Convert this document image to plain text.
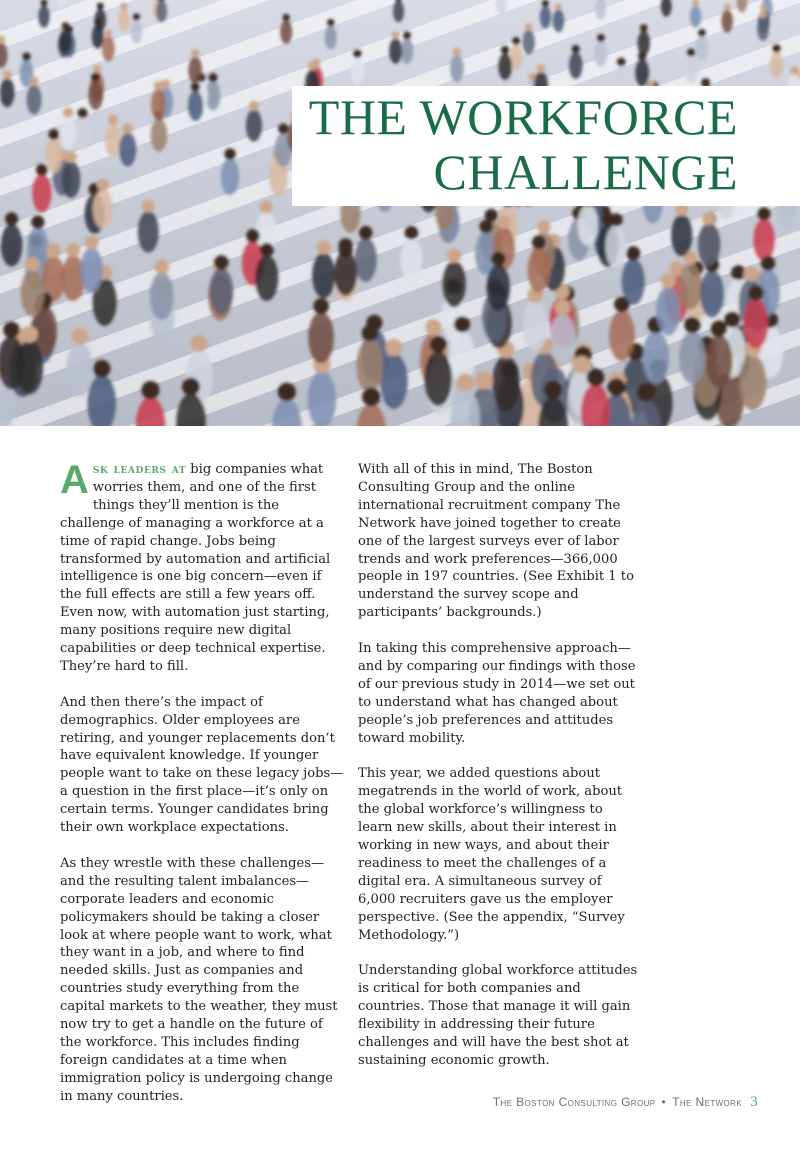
THE WORKFORCE
CHALLENGE

Ask leaders at big companies what worries them, and one of the first things they’ll mention is the challenge of managing a workforce at a time of rapid change. Jobs being transformed by automation and artificial intelligence is one big concern—even if the full effects are still a few years off. Even now, with automation just starting, many positions require new digital capabilities or deep technical expertise. They’re hard to fill.

And then there’s the impact of demographics. Older employees are retiring, and younger replacements don’t have equivalent knowledge. If younger people want to take on these legacy jobs—a question in the first place—it’s only on certain terms. Younger candidates bring their own workplace expectations.

As they wrestle with these challenges—and the resulting talent imbalances—corporate leaders and economic policymakers should be taking a closer look at where people want to work, what they want in a job, and where to find needed skills. Just as companies and countries study everything from the capital markets to the weather, they must now try to get a handle on the future of the workforce. This includes finding foreign candidates at a time when immigration policy is undergoing change in many countries.

With all of this in mind, The Boston Consulting Group and the online international recruitment company The Network have joined together to create one of the largest surveys ever of labor trends and work preferences—366,000 people in 197 countries. (See Exhibit 1 to understand the survey scope and participants’ backgrounds.)

In taking this comprehensive approach—and by comparing our findings with those of our previous study in 2014—we set out to understand what has changed about people’s job preferences and attitudes toward mobility.

This year, we added questions about megatrends in the world of work, about the global workforce’s willingness to learn new skills, about their interest in working in new ways, and about their readiness to meet the challenges of a digital era. A simultaneous survey of 6,000 recruiters gave us the employer perspective. (See the appendix, “Survey Methodology.”)

Understanding global workforce attitudes is critical for both companies and countries. Those that manage it will gain flexibility in addressing their future challenges and will have the best shot at sustaining economic growth.

The Boston Consulting Group • The Network 3
